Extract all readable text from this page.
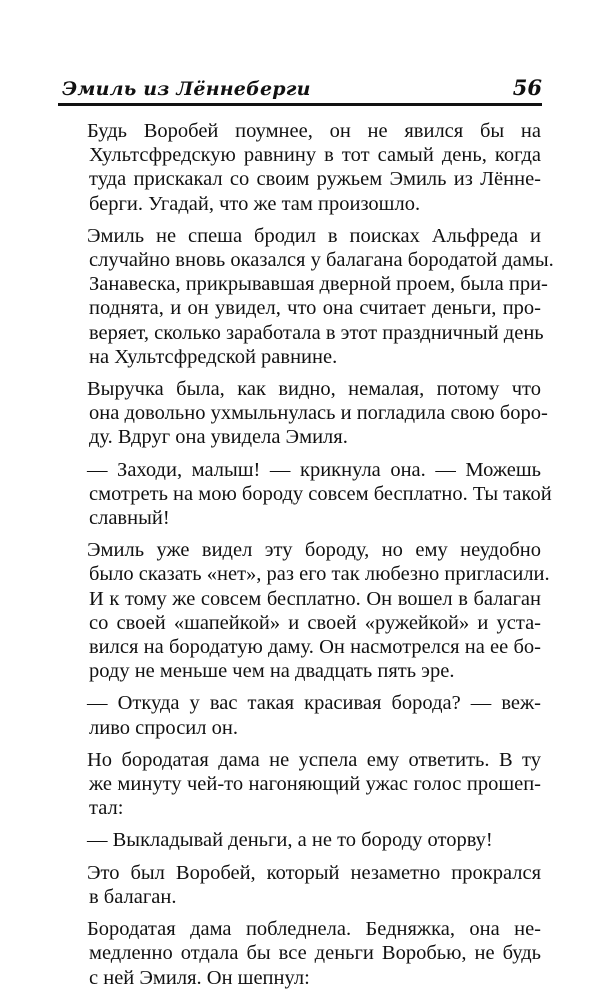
Эмиль из Лённеберги	56
Будь Воробей поумнее, он не явился бы на
Хультсфредскую равнину в тот самый день, когда
туда прискакал со своим ружьем Эмиль из Лённе-
берги. Угадай, что же там произошло.
Эмиль не спеша бродил в поисках Альфреда и
случайно вновь оказался у балагана бородатой дамы.
Занавеска, прикрывавшая дверной проем, была при-
поднята, и он увидел, что она считает деньги, про-
веряет, сколько заработала в этот праздничный день
на Хультсфредской равнине.
Выручка была, как видно, немалая, потому что
она довольно ухмыльнулась и погладила свою боро-
ду. Вдруг она увидела Эмиля.
— Заходи, малыш! — крикнула она. — Можешь
смотреть на мою бороду совсем бесплатно. Ты такой
славный!
Эмиль уже видел эту бороду, но ему неудобно
было сказать «нет», раз его так любезно пригласили.
И к тому же совсем бесплатно. Он вошел в балаган
со своей «шапейкой» и своей «ружейкой» и уста-
вился на бородатую даму. Он насмотрелся на ее бо-
роду не меньше чем на двадцать пять эре.
— Откуда у вас такая красивая борода? — веж-
ливо спросил он.
Но бородатая дама не успела ему ответить. В ту
же минуту чей-то нагоняющий ужас голос прошеп-
тал:
— Выкладывай деньги, а не то бороду оторву!
Это был Воробей, который незаметно прокрался
в балаган.
Бородатая дама побледнела. Бедняжка, она не-
медленно отдала бы все деньги Воробью, не будь
с ней Эмиля. Он шепнул:
